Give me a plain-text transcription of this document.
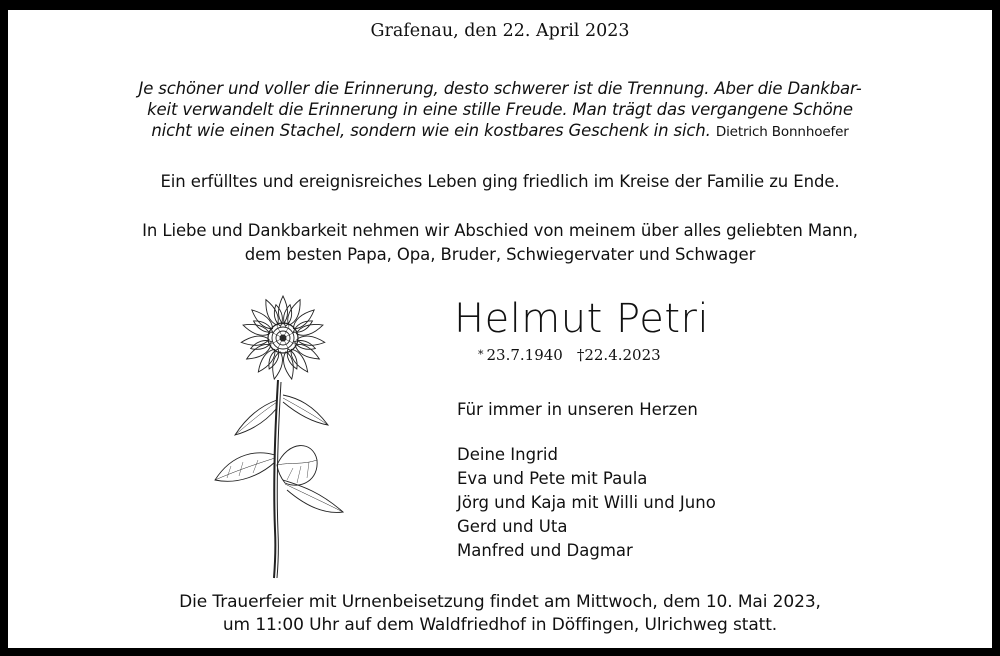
Grafenau, den 22. April 2023
Je schöner und voller die Erinnerung, desto schwerer ist die Trennung. Aber die Dankbar-
keit verwandelt die Erinnerung in eine stille Freude. Man trägt das vergangene Schöne
nicht wie einen Stachel, sondern wie ein kostbares Geschenk in sich. Dietrich Bonnhoefer
Ein erfülltes und ereignisreiches Leben ging friedlich im Kreise der Familie zu Ende.
In Liebe und Dankbarkeit nehmen wir Abschied von meinem über alles geliebten Mann,
dem besten Papa, Opa, Bruder, Schwiegervater und Schwager
Helmut Petri
* 23.7.1940 †22.4.2023
Für immer in unseren Herzen
Deine Ingrid
Eva und Pete mit Paula
Jörg und Kaja mit Willi und Juno
Gerd und Uta
Manfred und Dagmar
Die Trauerfeier mit Urnenbeisetzung findet am Mittwoch, dem 10. Mai 2023,
um 11:00 Uhr auf dem Waldfriedhof in Döffingen, Ulrichweg statt.
